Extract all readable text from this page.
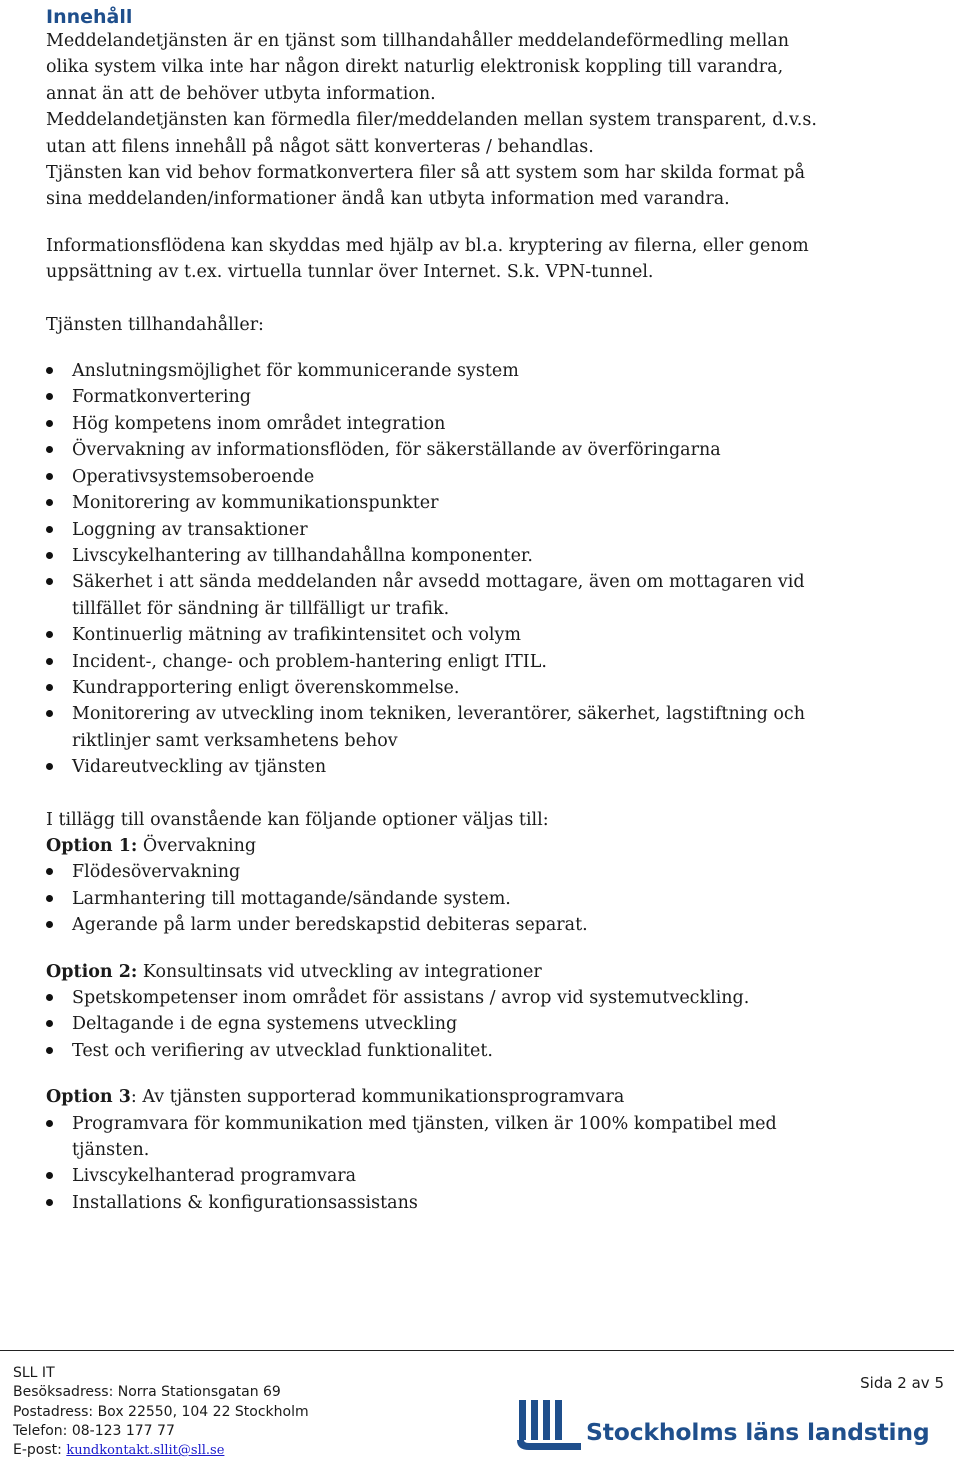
Innehåll

Meddelandetjänsten är en tjänst som tillhandahåller meddelandeförmedling mellan

olika system vilka inte har någon direkt naturlig elektronisk koppling till varandra,

annat än att de behöver utbyta information.

Meddelandetjänsten kan förmedla filer/meddelanden mellan system transparent, d.v.s.

utan att filens innehåll på något sätt konverteras / behandlas.

Tjänsten kan vid behov formatkonvertera filer så att system som har skilda format på

sina meddelanden/informationer ändå kan utbyta information med varandra.

Informationsflödena kan skyddas med hjälp av bl.a. kryptering av filerna, eller genom

uppsättning av t.ex. virtuella tunnlar över Internet. S.k. VPN-tunnel.

Tjänsten tillhandahåller:

Anslutningsmöjlighet för kommunicerande system
Formatkonvertering
Hög kompetens inom området integration
Övervakning av informationsflöden, för säkerställande av överföringarna
Operativsystemsoberoende
Monitorering av kommunikationspunkter
Loggning av transaktioner
Livscykelhantering av tillhandahållna komponenter.
Säkerhet i att sända meddelanden når avsedd mottagare, även om mottagaren vid
tillfället för sändning är tillfälligt ur trafik.
Kontinuerlig mätning av trafikintensitet och volym
Incident-, change- och problem-hantering enligt ITIL.
Kundrapportering enligt överenskommelse.
Monitorering av utveckling inom tekniken, leverantörer, säkerhet, lagstiftning och
riktlinjer samt verksamhetens behov
Vidareutveckling av tjänsten

I tillägg till ovanstående kan följande optioner väljas till:

Option 1: Övervakning

Flödesövervakning
Larmhantering till mottagande/sändande system.
Agerande på larm under beredskapstid debiteras separat.

Option 2: Konsultinsats vid utveckling av integrationer

Spetskompetenser inom området för assistans / avrop vid systemutveckling.
Deltagande i de egna systemens utveckling
Test och verifiering av utvecklad funktionalitet.

Option 3: Av tjänsten supporterad kommunikationsprogramvara

Programvara för kommunikation med tjänsten, vilken är 100% kompatibel med
tjänsten.
Livscykelhanterad programvara
Installations & konfigurationsassistans
SLL IT
Besöksadress: Norra Stationsgatan 69
Postadress: Box 22550, 104 22 Stockholm
Telefon: 08-123 177 77
E-post: kundkontakt.sllit@sll.se
Sida 2 av 5
Stockholms läns landsting
